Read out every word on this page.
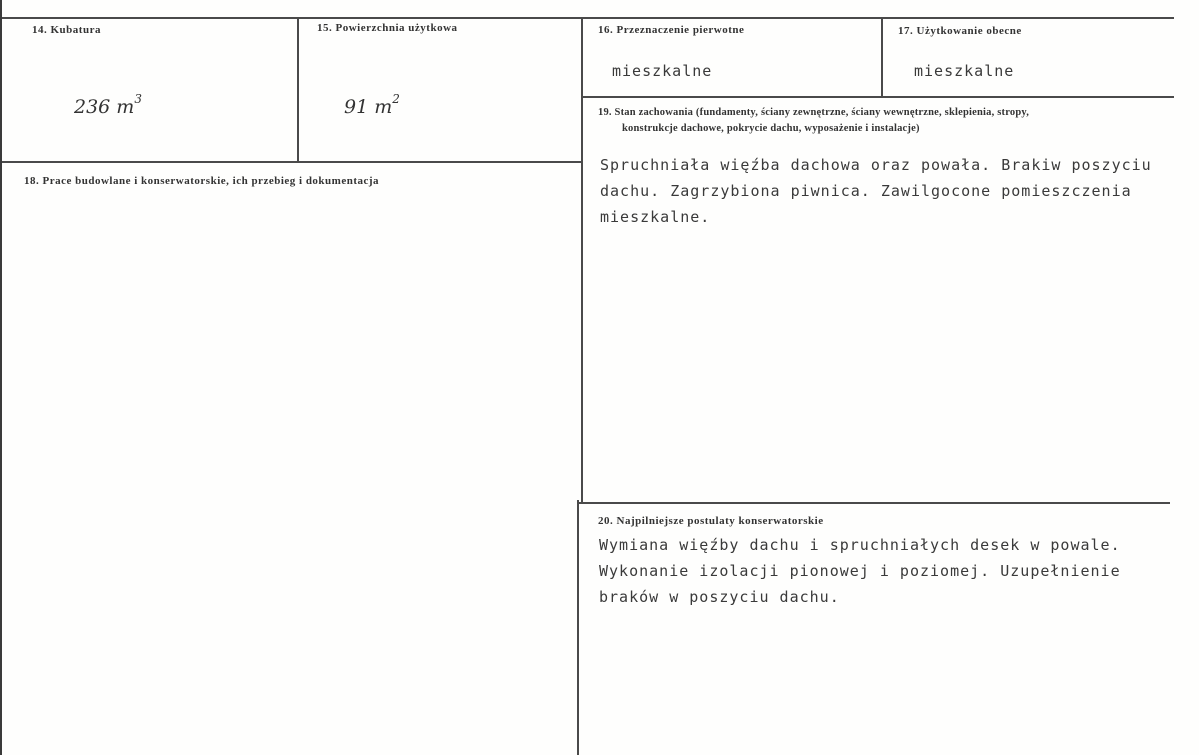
14. Kubatura
236 $m^3$
15. Powierzchnia użytkowa
91 $m^2$
16. Przeznaczenie pierwotne
mieszkalne
17. Użytkowanie obecne
mieszkalne
18. Prace budowlane i konserwatorskie, ich przebieg i dokumentacja
19. Stan zachowania (fundamenty, ściany zewnętrzne, ściany wewnętrzne, sklepienia, stropy,
konstrukcje dachowe, pokrycie dachu, wyposażenie i instalacje)
Spruchniała więźba dachowa oraz powała. Brakiw poszyciu
dachu. Zagrzybiona piwnica. Zawilgocone pomieszczenia
mieszkalne.
20. Najpilniejsze postulaty konserwatorskie
Wymiana więźby dachu i spruchniałych desek w powale.
Wykonanie izolacji pionowej i poziomej. Uzupełnienie
braków w poszyciu dachu.
